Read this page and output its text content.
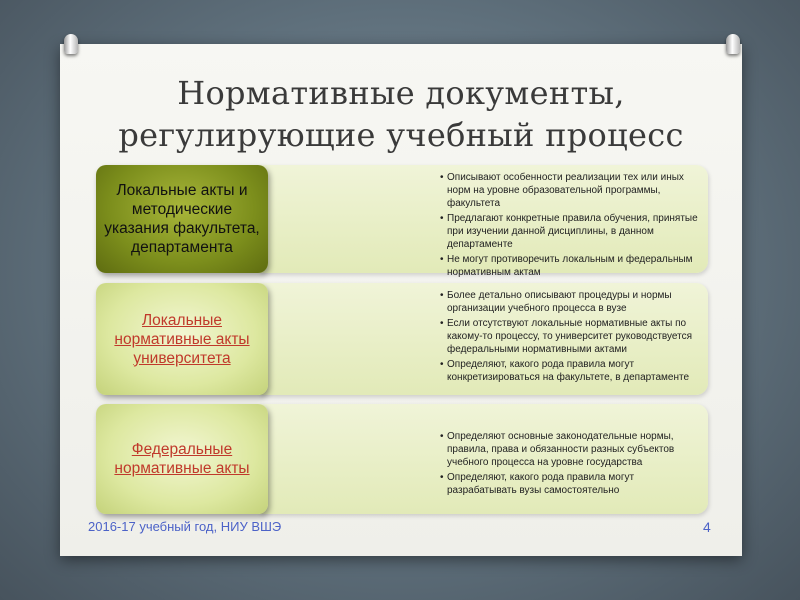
Нормативные документы,
регулирующие учебный процесс
• Описывают особенности реализации тех или иных норм на уровне образовательной программы, факультета
• Предлагают конкретные правила обучения, принятые при изучении данной дисциплины, в данном департаменте
• Не могут противоречить локальным и федеральным нормативным актам
Локальные акты и методические указания факультета, департамента
• Более детально описывают процедуры и нормы организации учебного процесса в вузе
• Если отсутствуют локальные нормативные акты по какому-то процессу, то университет руководствуется федеральными нормативными актами
• Определяют, какого рода правила могут конкретизироваться на факультете, в департаменте
Локальные нормативные акты университета
• Определяют основные законодательные нормы, правила, права и обязанности разных субъектов учебного процесса на уровне государства
• Определяют, какого рода правила могут разрабатывать вузы самостоятельно
Федеральные нормативные акты
2016-17 учебный год, НИУ ВШЭ	4
